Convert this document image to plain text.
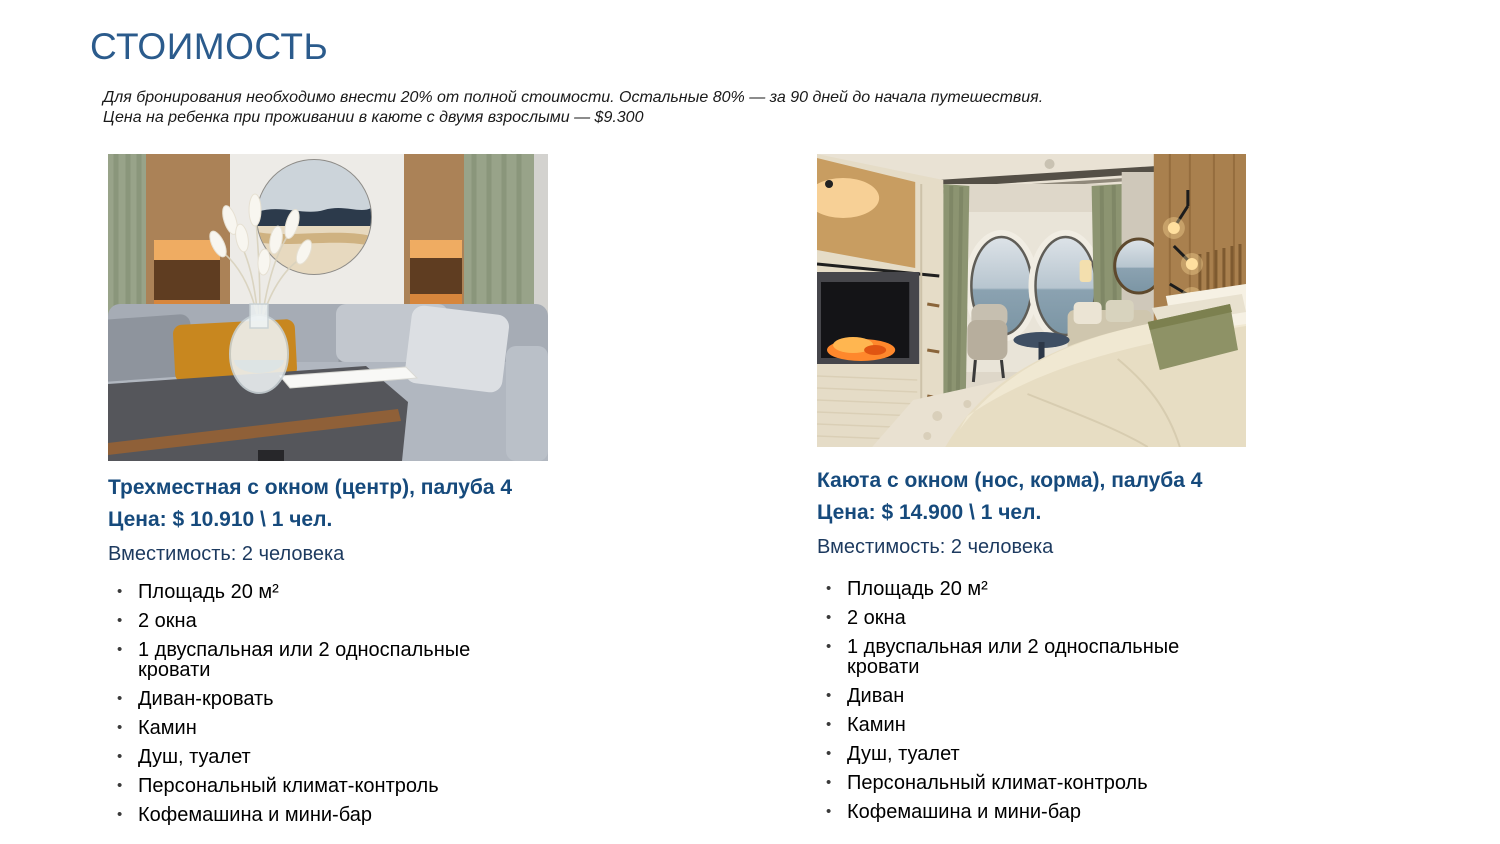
СТОИМОСТЬ

Для бронирования необходимо внести 20% от полной стоимости. Остальные 80% — за 90 дней до начала путешествия.

Цена на ребенка при проживании в каюте с двумя взрослыми — $9.300

Трехместная с окном (центр), палуба 4
Цена: $ 10.910 \ 1 чел.
Вместимость: 2 человека
• Площадь 20 м²
• 2 окна
• 1 двуспальная или 2 односпальные кровати
• Диван-кровать
• Камин
• Душ, туалет
• Персональный климат-контроль
• Кофемашина и мини-бар
Каюта с окном (нос, корма), палуба 4
Цена: $ 14.900 \ 1 чел.
Вместимость: 2 человека
• Площадь 20 м²
• 2 окна
• 1 двуспальная или 2 односпальные кровати
• Диван
• Камин
• Душ, туалет
• Персональный климат-контроль
• Кофемашина и мини-бар
